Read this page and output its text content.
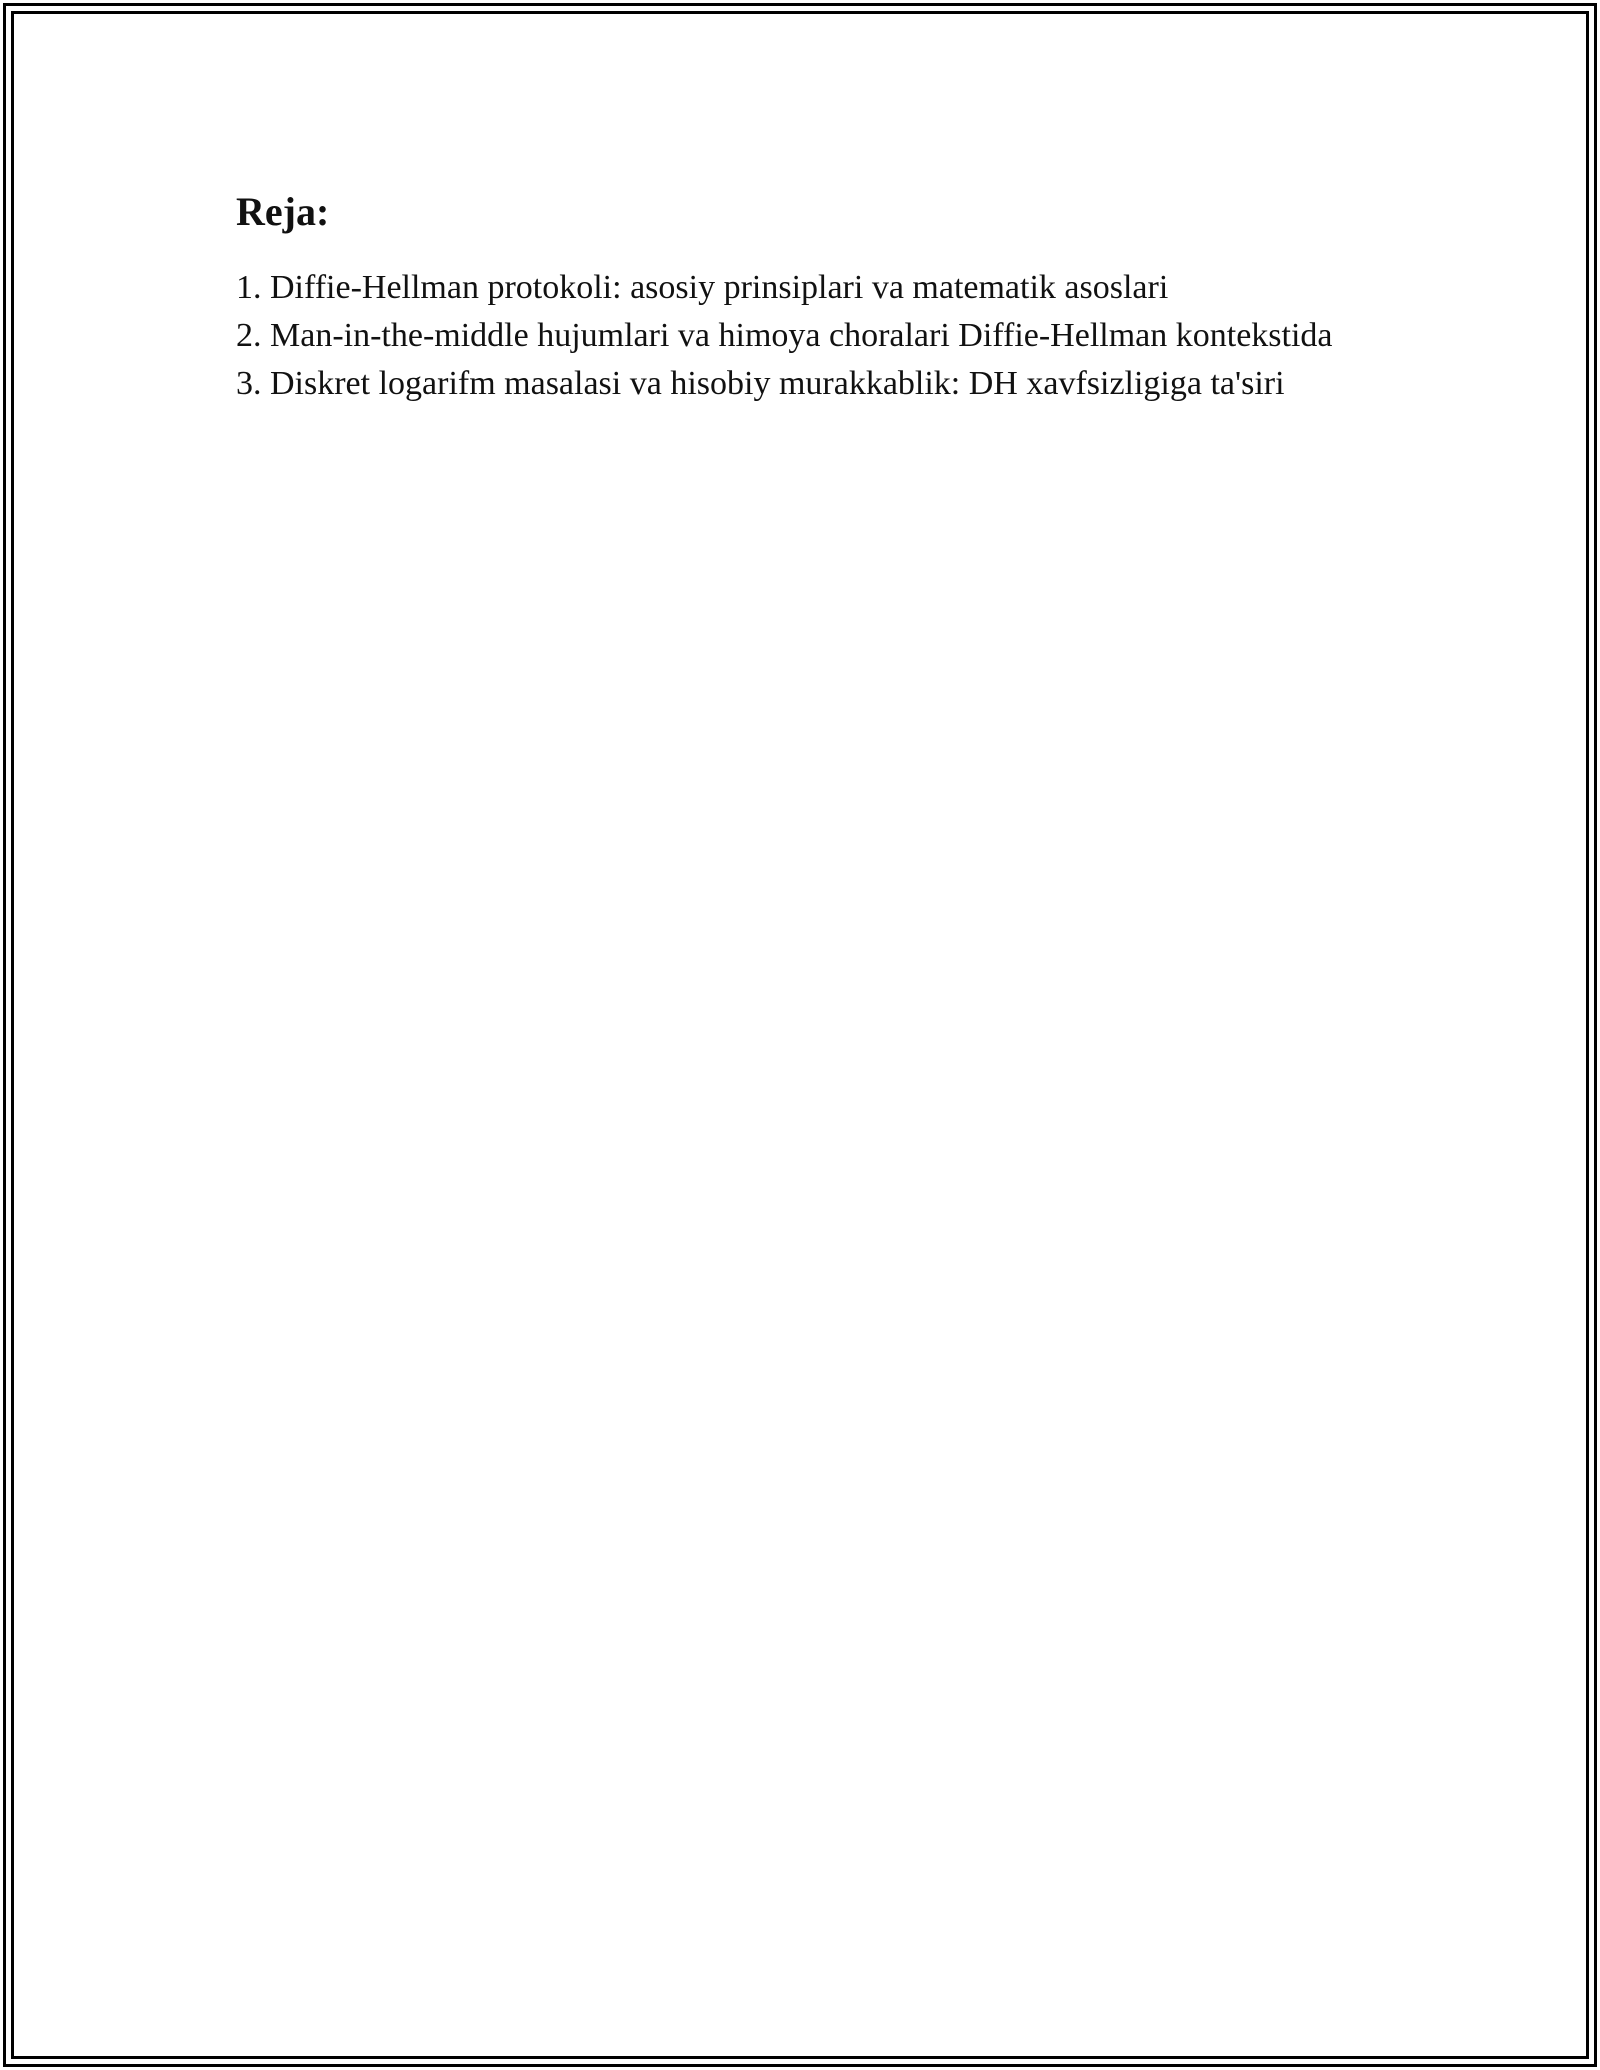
Reja:
1. Diffie-Hellman protokoli: asosiy prinsiplari va matematik asoslari
2. Man-in-the-middle hujumlari va himoya choralari Diffie-Hellman kontekstida
3. Diskret logarifm masalasi va hisobiy murakkablik: DH xavfsizligiga ta'siri
